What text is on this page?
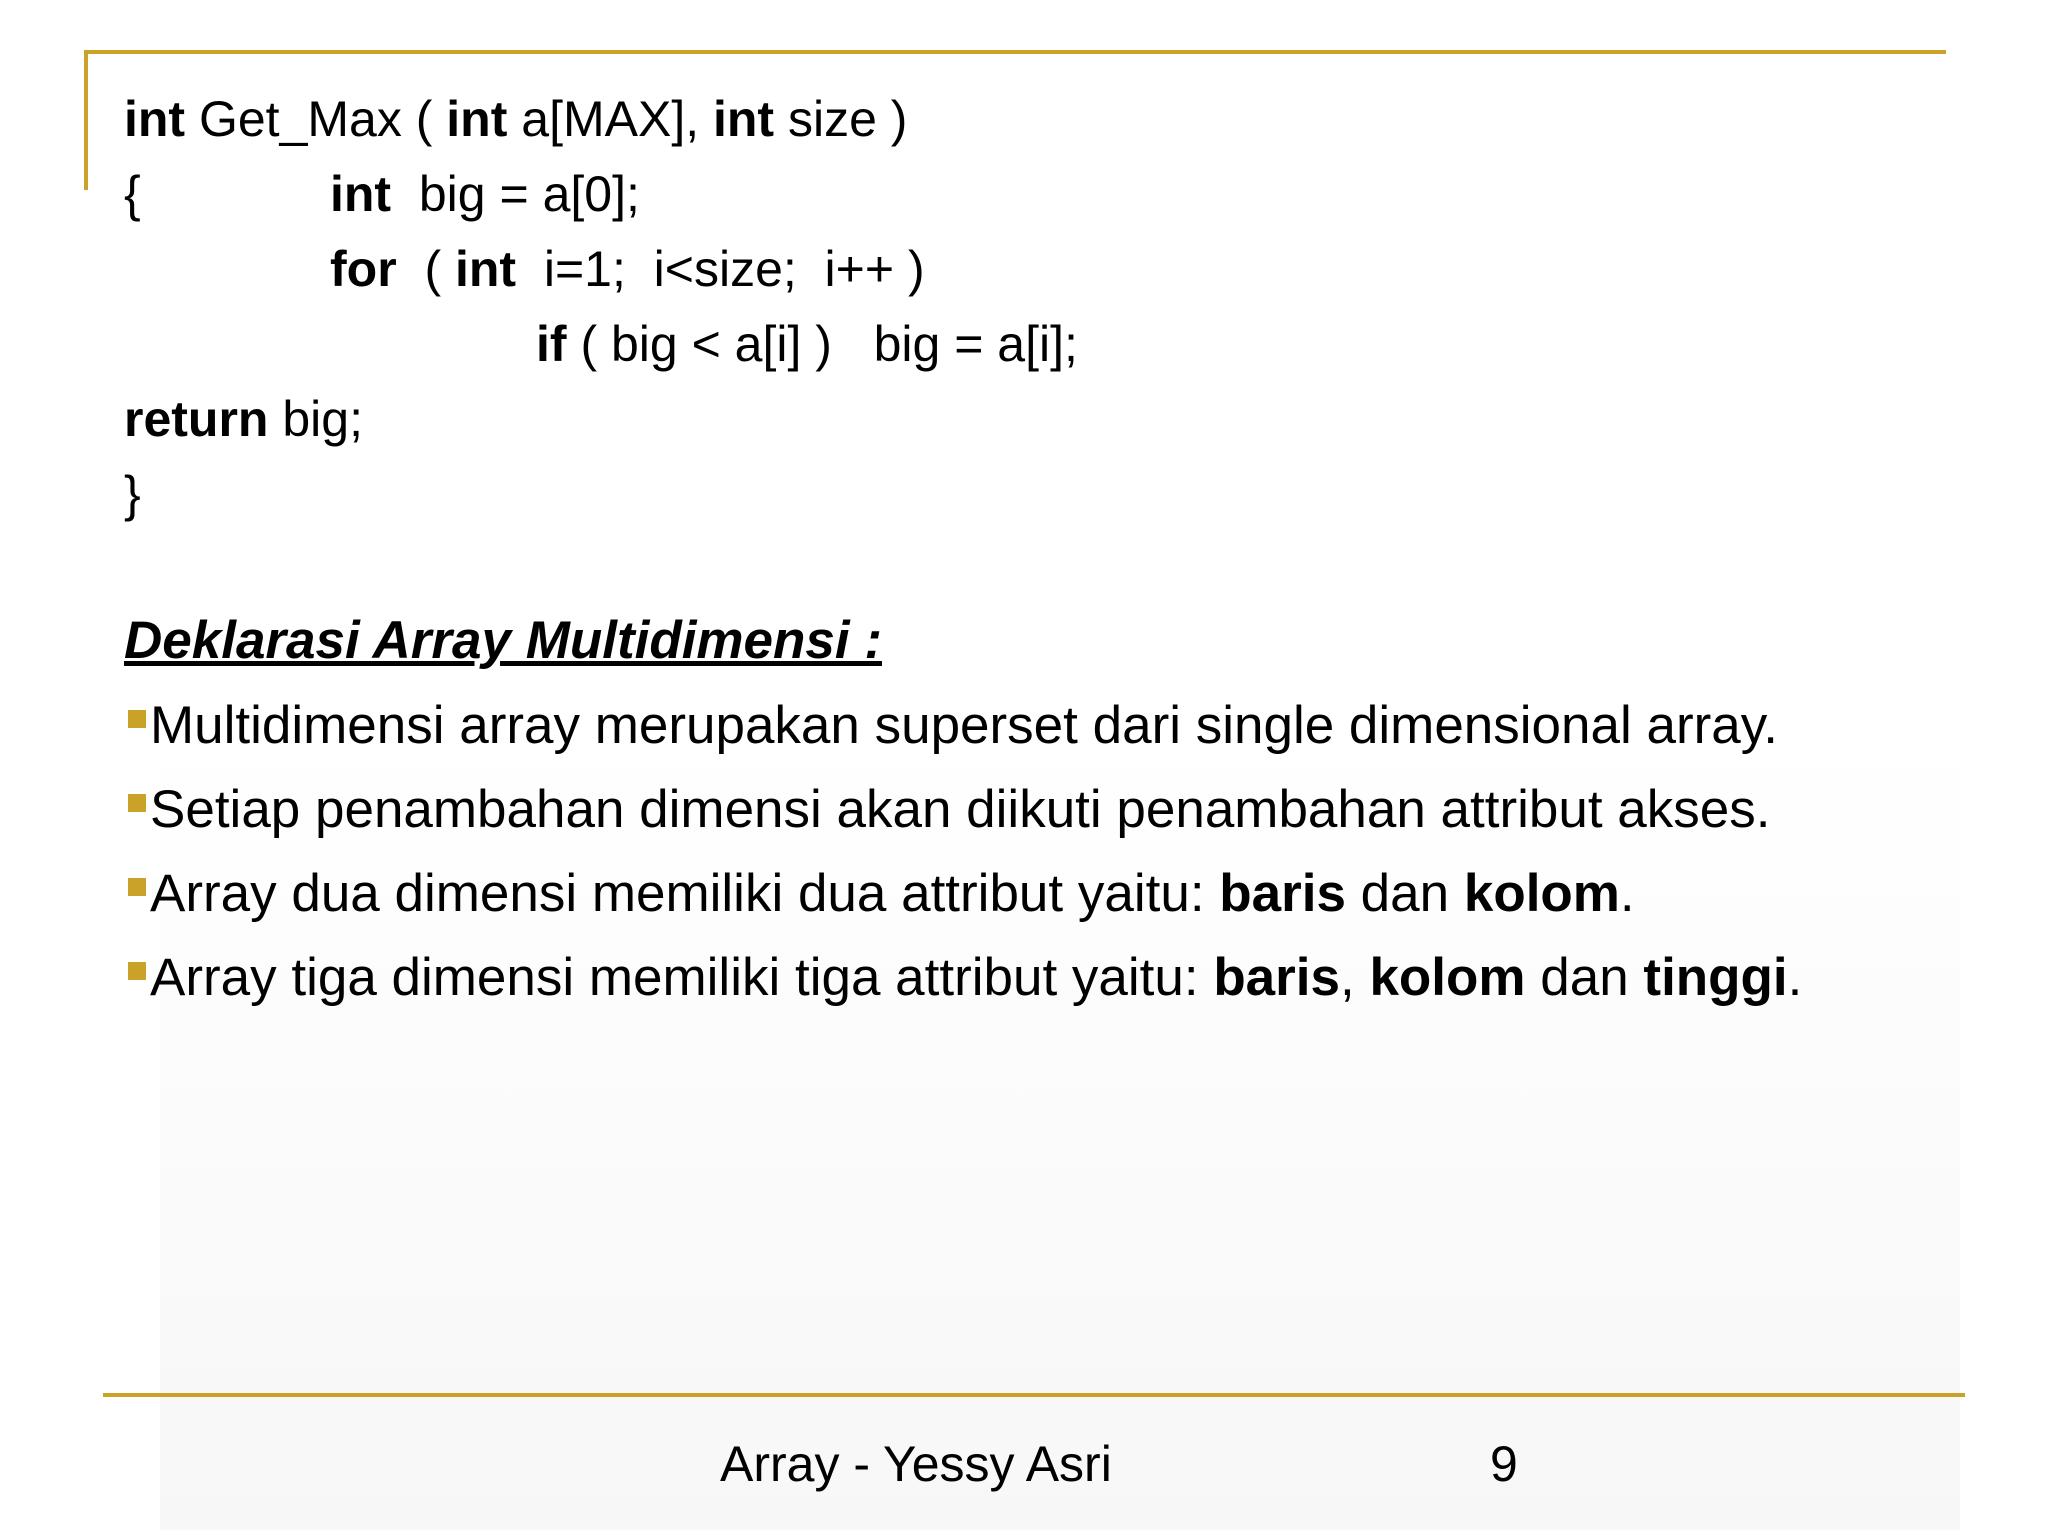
int Get_Max ( int a[MAX], int size )
{	int  big = a[0];
for  ( int  i=1;  i<size;  i++ )
if ( big < a[i] )   big = a[i];
return big;
}
Deklarasi Array Multidimensi :
Multidimensi array merupakan superset dari single dimensional array.
Setiap penambahan dimensi akan diikuti penambahan attribut akses.
Array dua dimensi memiliki dua attribut yaitu: baris dan kolom.
Array tiga dimensi memiliki tiga attribut yaitu: baris, kolom dan tinggi.
Array - Yessy Asri	9
